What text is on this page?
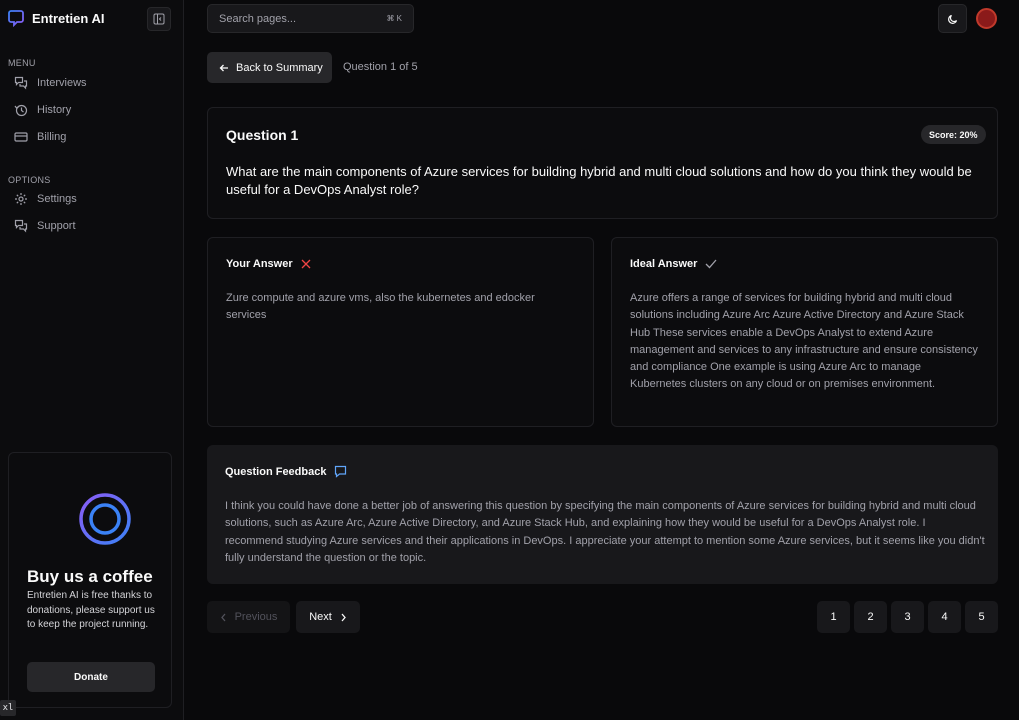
Entretien AI
MENU
Interviews
History
Billing
OPTIONS
Settings
Support
Buy us a coffee
Entretien AI is free thanks to donations, please support us to keep the project running.
Donate
xl
Search pages...	⌘ K
Back to Summary Question 1 of 5
Question 1	Score: 20%
What are the main components of Azure services for building hybrid and multi cloud solutions and how do you think they would be useful for a DevOps Analyst role?
Your Answer
Zure compute and azure vms, also the kubernetes and edocker services
Ideal Answer
Azure offers a range of services for building hybrid and multi cloud solutions including Azure Arc Azure Active Directory and Azure Stack Hub These services enable a DevOps Analyst to extend Azure management and services to any infrastructure and ensure consistency and compliance One example is using Azure Arc to manage Kubernetes clusters on any cloud or on premises environment.
Question Feedback
I think you could have done a better job of answering this question by specifying the main components of Azure services for building hybrid and multi cloud solutions, such as Azure Arc, Azure Active Directory, and Azure Stack Hub, and explaining how they would be useful for a DevOps Analyst role. I recommend studying Azure services and their applications in DevOps. I appreciate your attempt to mention some Azure services, but it seems like you didn't fully understand the question or the topic.
Previous	Next	1	2	3	4	5
